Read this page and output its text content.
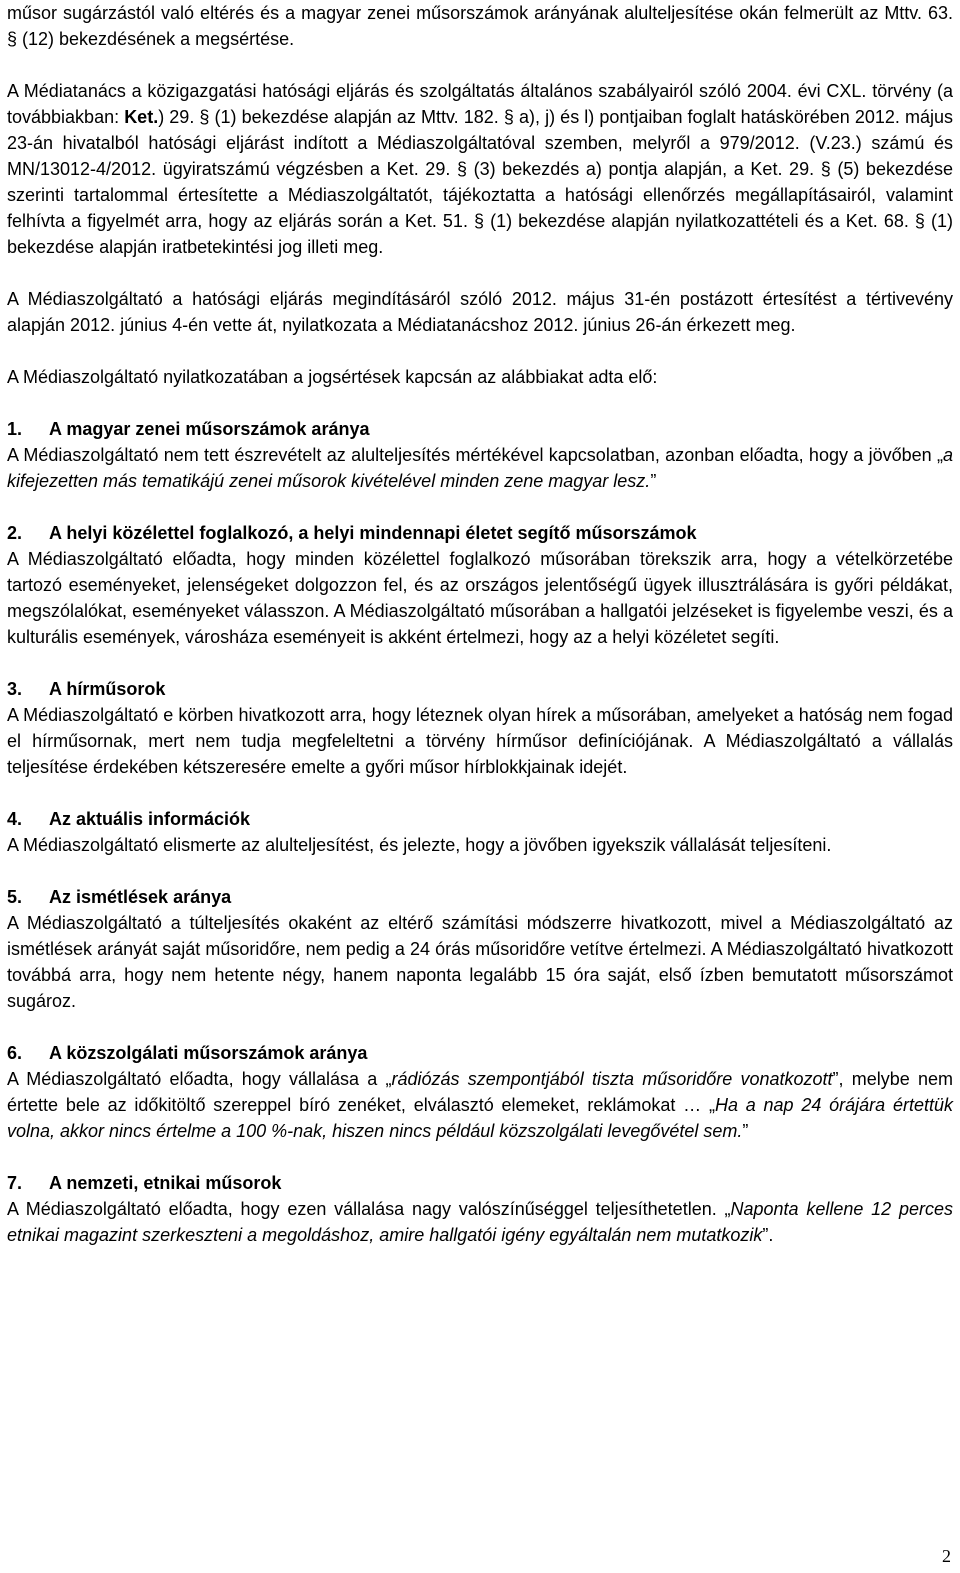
műsor sugárzástól való eltérés és a magyar zenei műsorszámok arányának alulteljesítése okán felmerült az Mttv. 63. § (12) bekezdésének a megsértése.

A Médiatanács a közigazgatási hatósági eljárás és szolgáltatás általános szabályairól szóló 2004. évi CXL. törvény (a továbbiakban: Ket.) 29. § (1) bekezdése alapján az Mttv. 182. § a), j) és l) pontjaiban foglalt hatáskörében 2012. május 23-án hivatalból hatósági eljárást indított a Médiaszolgáltatóval szemben, melyről a 979/2012. (V.23.) számú és MN/13012-4/2012. ügyiratszámú végzésben a Ket. 29. § (3) bekezdés a) pontja alapján, a Ket. 29. § (5) bekezdése szerinti tartalommal értesítette a Médiaszolgáltatót, tájékoztatta a hatósági ellenőrzés megállapításairól, valamint felhívta a figyelmét arra, hogy az eljárás során a Ket. 51. § (1) bekezdése alapján nyilatkozattételi és a Ket. 68. § (1) bekezdése alapján iratbetekintési jog illeti meg.

A Médiaszolgáltató a hatósági eljárás megindításáról szóló 2012. május 31-én postázott értesítést a tértivevény alapján 2012. június 4-én vette át, nyilatkozata a Médiatanácshoz 2012. június 26-án érkezett meg.

A Médiaszolgáltató nyilatkozatában a jogsértések kapcsán az alábbiakat adta elő:

1. A magyar zenei műsorszámok aránya

A Médiaszolgáltató nem tett észrevételt az alulteljesítés mértékével kapcsolatban, azonban előadta, hogy a jövőben „a kifejezetten más tematikájú zenei műsorok kivételével minden zene magyar lesz.”

2. A helyi közélettel foglalkozó, a helyi mindennapi életet segítő műsorszámok

A Médiaszolgáltató előadta, hogy minden közélettel foglalkozó műsorában törekszik arra, hogy a vételkörzetébe tartozó eseményeket, jelenségeket dolgozzon fel, és az országos jelentőségű ügyek illusztrálására is győri példákat, megszólalókat, eseményeket válasszon. A Médiaszolgáltató műsorában a hallgatói jelzéseket is figyelembe veszi, és a kulturális események, városháza eseményeit is akként értelmezi, hogy az a helyi közéletet segíti.

3. A hírműsorok

A Médiaszolgáltató e körben hivatkozott arra, hogy léteznek olyan hírek a műsorában, amelyeket a hatóság nem fogad el hírműsornak, mert nem tudja megfeleltetni a törvény hírműsor definíciójának. A Médiaszolgáltató a vállalás teljesítése érdekében kétszeresére emelte a győri műsor hírblokkjainak idejét.

4. Az aktuális információk

A Médiaszolgáltató elismerte az alulteljesítést, és jelezte, hogy a jövőben igyekszik vállalását teljesíteni.

5. Az ismétlések aránya

A Médiaszolgáltató a túlteljesítés okaként az eltérő számítási módszerre hivatkozott, mivel a Médiaszolgáltató az ismétlések arányát saját műsoridőre, nem pedig a 24 órás műsoridőre vetítve értelmezi. A Médiaszolgáltató hivatkozott továbbá arra, hogy nem hetente négy, hanem naponta legalább 15 óra saját, első ízben bemutatott műsorszámot sugároz.

6. A közszolgálati műsorszámok aránya

A Médiaszolgáltató előadta, hogy vállalása a „rádiózás szempontjából tiszta műsoridőre vonatkozott”, melybe nem értette bele az időkitöltő szereppel bíró zenéket, elválasztó elemeket, reklámokat … „Ha a nap 24 órájára értettük volna, akkor nincs értelme a 100 %-nak, hiszen nincs például közszolgálati levegővétel sem.”

7. A nemzeti, etnikai műsorok

A Médiaszolgáltató előadta, hogy ezen vállalása nagy valószínűséggel teljesíthetetlen. „Naponta kellene 12 perces etnikai magazint szerkeszteni a megoldáshoz, amire hallgatói igény egyáltalán nem mutatkozik”.

2
